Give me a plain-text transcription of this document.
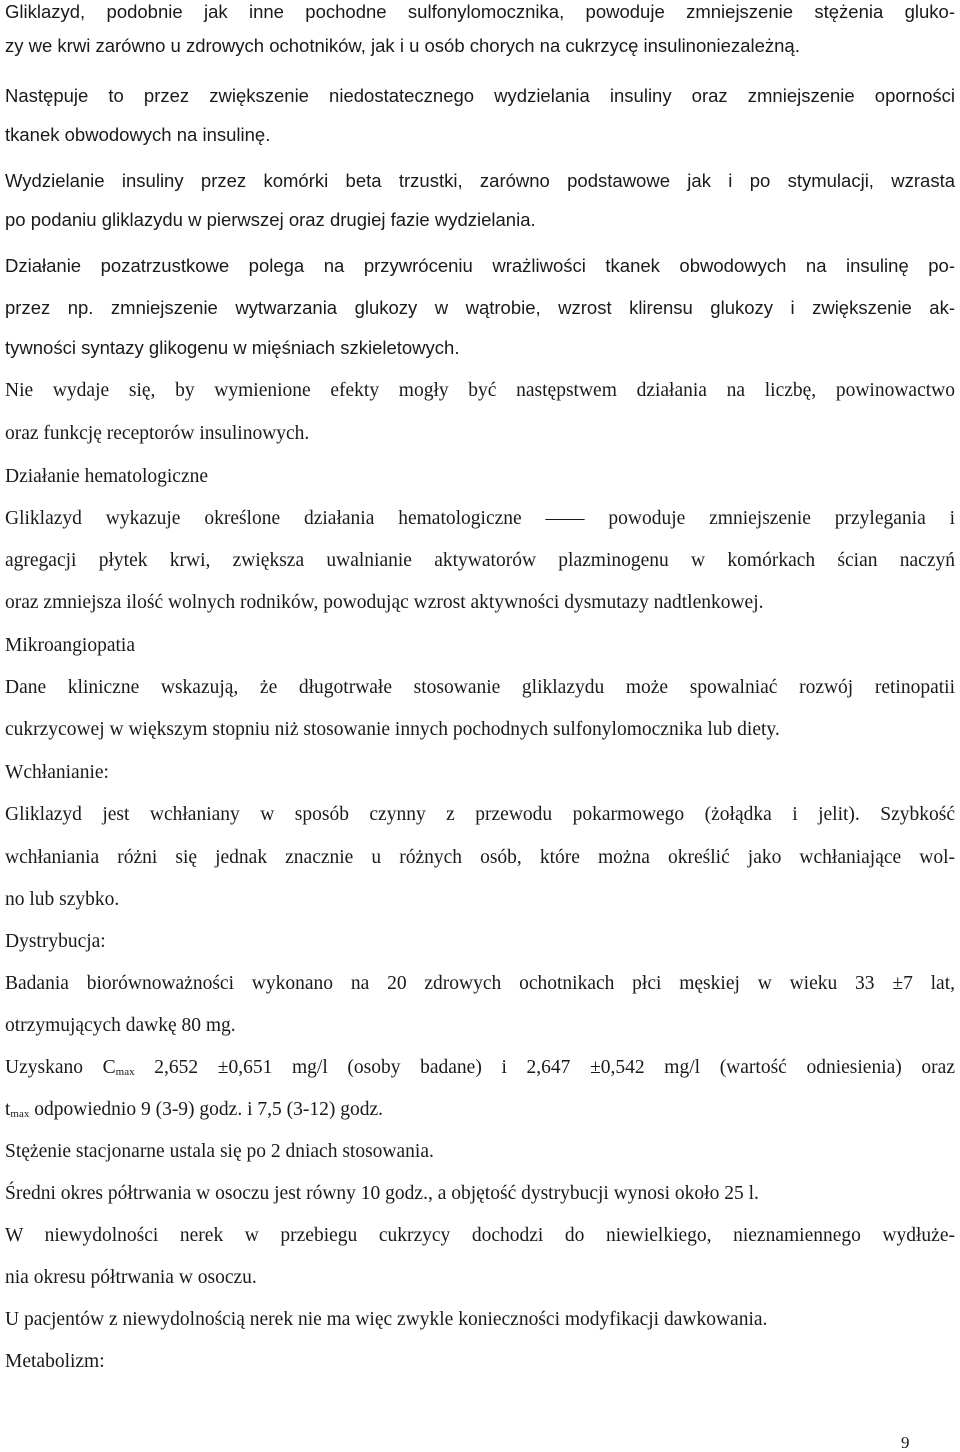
Gliklazyd, podobnie jak inne pochodne sulfonylomocznika, powoduje zmniejszenie stężenia gluko-
zy we krwi zarówno u zdrowych ochotników, jak i u osób chorych na cukrzycę insulinoniezależną.
Następuje to przez zwiększenie niedostatecznego wydzielania insuliny oraz zmniejszenie oporności
tkanek obwodowych na insulinę.
Wydzielanie insuliny przez komórki beta trzustki, zarówno podstawowe jak i po stymulacji, wzrasta
po podaniu gliklazydu w pierwszej oraz drugiej fazie wydzielania.
Działanie pozatrzustkowe polega na przywróceniu wrażliwości tkanek obwodowych na insulinę po-
przez np. zmniejszenie wytwarzania glukozy w wątrobie, wzrost klirensu glukozy i zwiększenie ak-
tywności syntazy glikogenu w mięśniach szkieletowych.
Nie wydaje się, by wymienione efekty mogły być następstwem działania na liczbę, powinowactwo
oraz funkcję receptorów insulinowych.
Działanie hematologiczne
Gliklazyd wykazuje określone działania hematologiczne —— powoduje zmniejszenie przylegania i
agregacji płytek krwi, zwiększa uwalnianie aktywatorów plazminogenu w komórkach ścian naczyń
oraz zmniejsza ilość wolnych rodników, powodując wzrost aktywności dysmutazy nadtlenkowej.
Mikroangiopatia
Dane kliniczne wskazują, że długotrwałe stosowanie gliklazydu może spowalniać rozwój retinopatii
cukrzycowej w większym stopniu niż stosowanie innych pochodnych sulfonylomocznika lub diety.
Wchłanianie:
Gliklazyd jest wchłaniany w sposób czynny z przewodu pokarmowego (żołądka i jelit). Szybkość
wchłaniania różni się jednak znacznie u różnych osób, które można określić jako wchłaniające wol-
no lub szybko.
Dystrybucja:
Badania biorównoważności wykonano na 20 zdrowych ochotnikach płci męskiej w wieku 33 ±7 lat,
otrzymujących dawkę 80 mg.
Uzyskano Cmax 2,652 ±0,651 mg/l (osoby badane) i 2,647 ±0,542 mg/l (wartość odniesienia) oraz
tmax odpowiednio 9 (3-9) godz. i 7,5 (3-12) godz.
Stężenie stacjonarne ustala się po 2 dniach stosowania.
Średni okres półtrwania w osoczu jest równy 10 godz., a objętość dystrybucji wynosi około 25 l.
W niewydolności nerek w przebiegu cukrzycy dochodzi do niewielkiego, nieznamiennego wydłuże-
nia okresu półtrwania w osoczu.
U pacjentów z niewydolnością nerek nie ma więc zwykle konieczności modyfikacji dawkowania.
Metabolizm:
9
